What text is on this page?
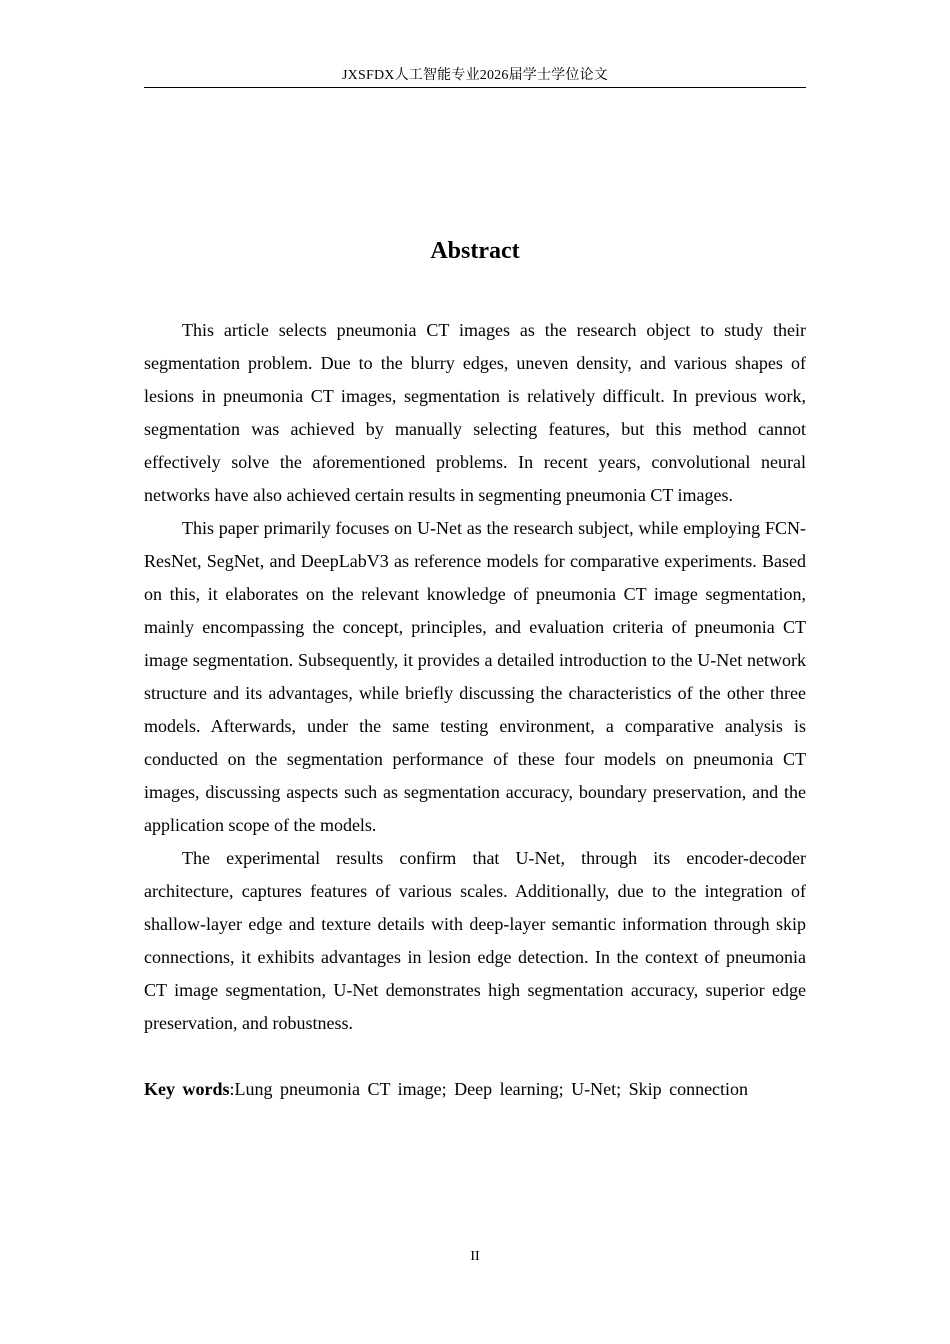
JXSFDX人工智能专业2026届学士学位论文
Abstract

This article selects pneumonia CT images as the research object to study their segmentation problem. Due to the blurry edges, uneven density, and various shapes of lesions in pneumonia CT images, segmentation is relatively difficult. In previous work, segmentation was achieved by manually selecting features, but this method cannot effectively solve the aforementioned problems. In recent years, convolutional neural networks have also achieved certain results in segmenting pneumonia CT images.

This paper primarily focuses on U-Net as the research subject, while employing FCN-ResNet, SegNet, and DeepLabV3 as reference models for comparative experiments. Based on this, it elaborates on the relevant knowledge of pneumonia CT image segmentation, mainly encompassing the concept, principles, and evaluation criteria of pneumonia CT image segmentation. Subsequently, it provides a detailed introduction to the U-Net network structure and its advantages, while briefly discussing the characteristics of the other three models. Afterwards, under the same testing environment, a comparative analysis is conducted on the segmentation performance of these four models on pneumonia CT images, discussing aspects such as segmentation accuracy, boundary preservation, and the application scope of the models.

The experimental results confirm that U-Net, through its encoder-decoder architecture, captures features of various scales. Additionally, due to the integration of shallow-layer edge and texture details with deep-layer semantic information through skip connections, it exhibits advantages in lesion edge detection. In the context of pneumonia CT image segmentation, U-Net demonstrates high segmentation accuracy, superior edge preservation, and robustness.

Key words:Lung pneumonia CT image; Deep learning; U-Net; Skip connection
II
